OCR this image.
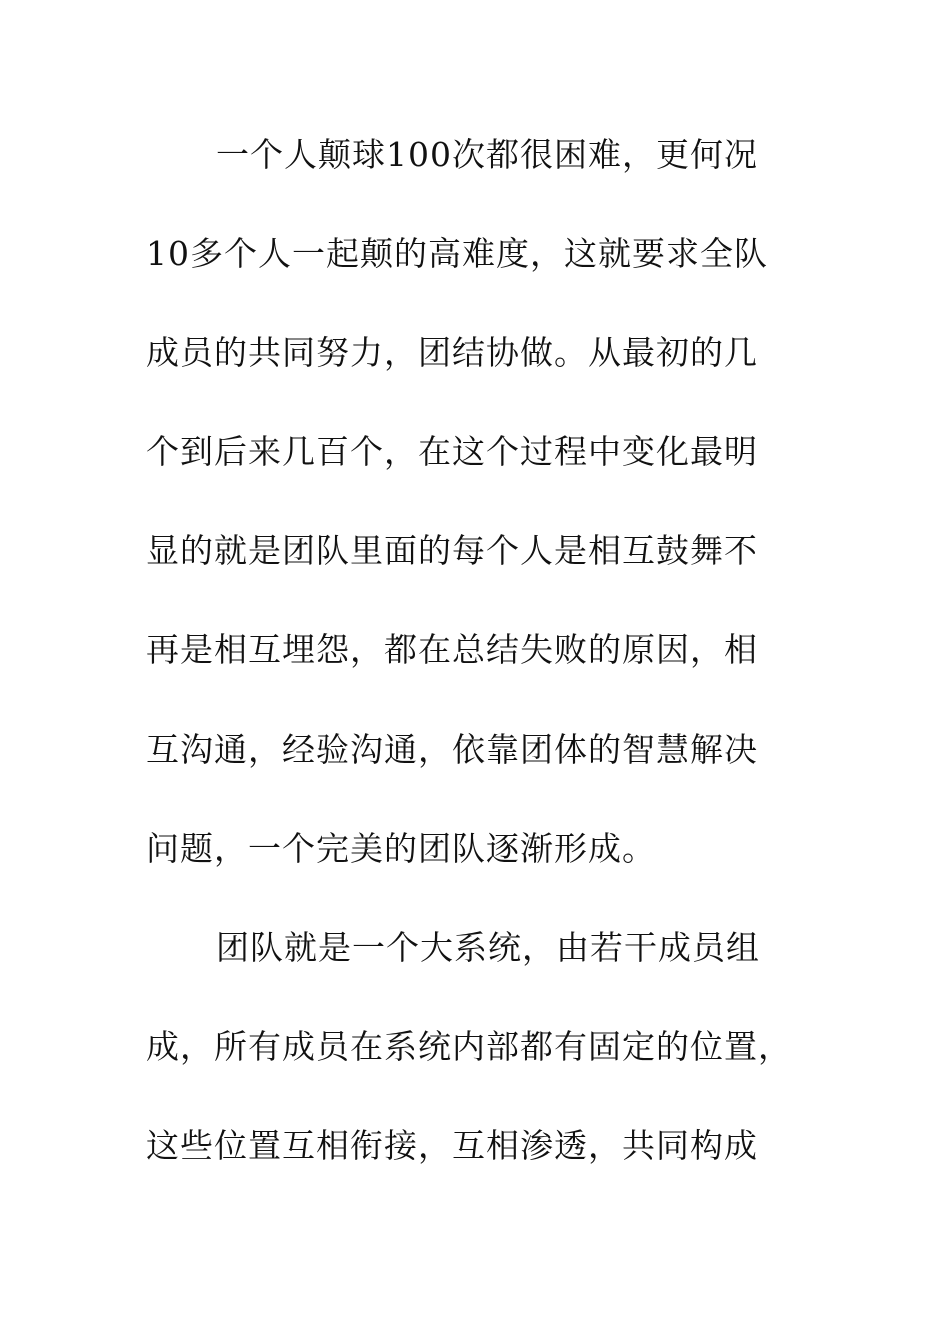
一个人颠球100次都很困难，更何况
10多个人一起颠的高难度，这就要求全队
成员的共同努力，团结协做。从最初的几
个到后来几百个，在这个过程中变化最明
显的就是团队里面的每个人是相互鼓舞不
再是相互埋怨，都在总结失败的原因，相
互沟通，经验沟通，依靠团体的智慧解决
问题，一个完美的团队逐渐形成。
团队就是一个大系统，由若干成员组
成，所有成员在系统内部都有固定的位置，
这些位置互相衔接，互相渗透，共同构成
